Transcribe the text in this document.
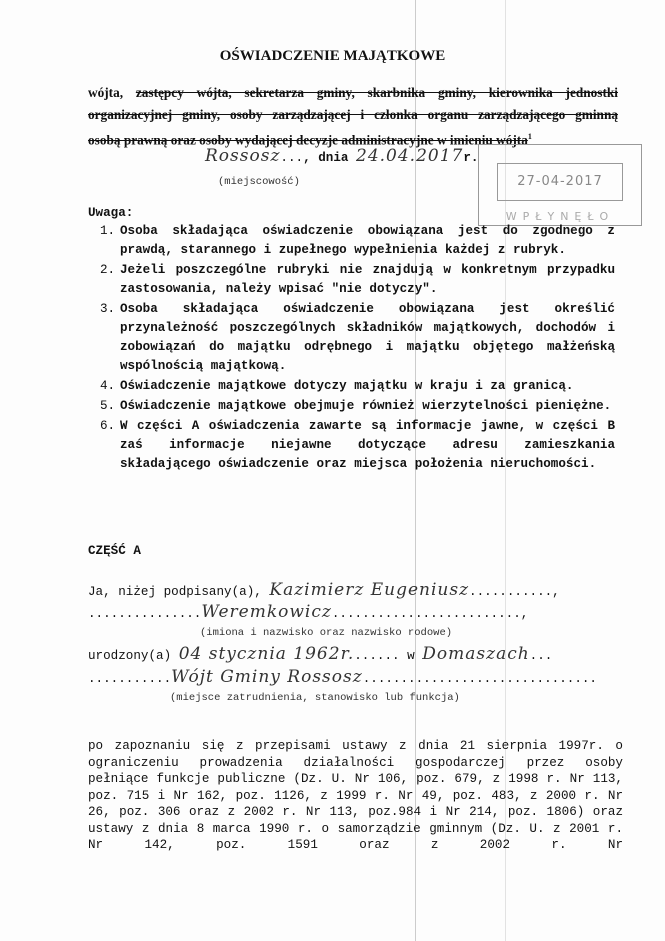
OŚWIADCZENIE MAJĄTKOWE
wójta, zastępcy wójta, sekretarza gminy, skarbnika gminy, kierownika jednostki organizacyjnej gminy, osoby zarządzającej i członka organu zarządzającego gminną
osobą prawną oraz osoby wydającej decyzje administracyjne w imieniu wójta$^1$
Rossosz..., dnia 24.04.2017r.
(miejscowość)	27-04-2017
WPŁYNĘŁO
Uwaga:
1. Osoba składająca oświadczenie obowiązana jest do zgodnego z prawdą, starannego i zupełnego wypełnienia każdej z rubryk.
2. Jeżeli poszczególne rubryki nie znajdują w konkretnym przypadku zastosowania, należy wpisać "nie dotyczy".
3. Osoba składająca oświadczenie obowiązana jest określić przynależność poszczególnych składników majątkowych, dochodów i zobowiązań do majątku odrębnego i majątku objętego małżeńską wspólnością majątkową.
4. Oświadczenie majątkowe dotyczy majątku w kraju i za granicą.
5. Oświadczenie majątkowe obejmuje również wierzytelności pieniężne.
6. W części A oświadczenia zawarte są informacje jawne, w części B zaś informacje niejawne dotyczące adresu zamieszkania składającego oświadczenie oraz miejsca położenia nieruchomości.
CZĘŚĆ A
Ja, niżej podpisany(a), Kazimierz Eugeniusz...........,
...............Weremkowicz.........................,
(imiona i nazwisko oraz nazwisko rodowe)
urodzony(a) 04 stycznia 1962r....... w Domaszach...
...........Wójt Gminy Rossosz...............................
(miejsce zatrudnienia, stanowisko lub funkcja)
po zapoznaniu się z przepisami ustawy z dnia 21 sierpnia 1997r. o ograniczeniu prowadzenia działalności gospodarczej przez osoby pełniące funkcje publiczne (Dz. U. Nr 106, poz. 679, z 1998 r. Nr 113, poz. 715 i Nr 162, poz. 1126, z 1999 r. Nr 49, poz. 483, z 2000 r. Nr 26, poz. 306 oraz z 2002 r. Nr 113, poz.984 i Nr 214, poz. 1806) oraz ustawy z dnia 8 marca 1990 r. o samorządzie gminnym (Dz. U. z 2001 r. Nr 142, poz. 1591 oraz z 2002 r. Nr
